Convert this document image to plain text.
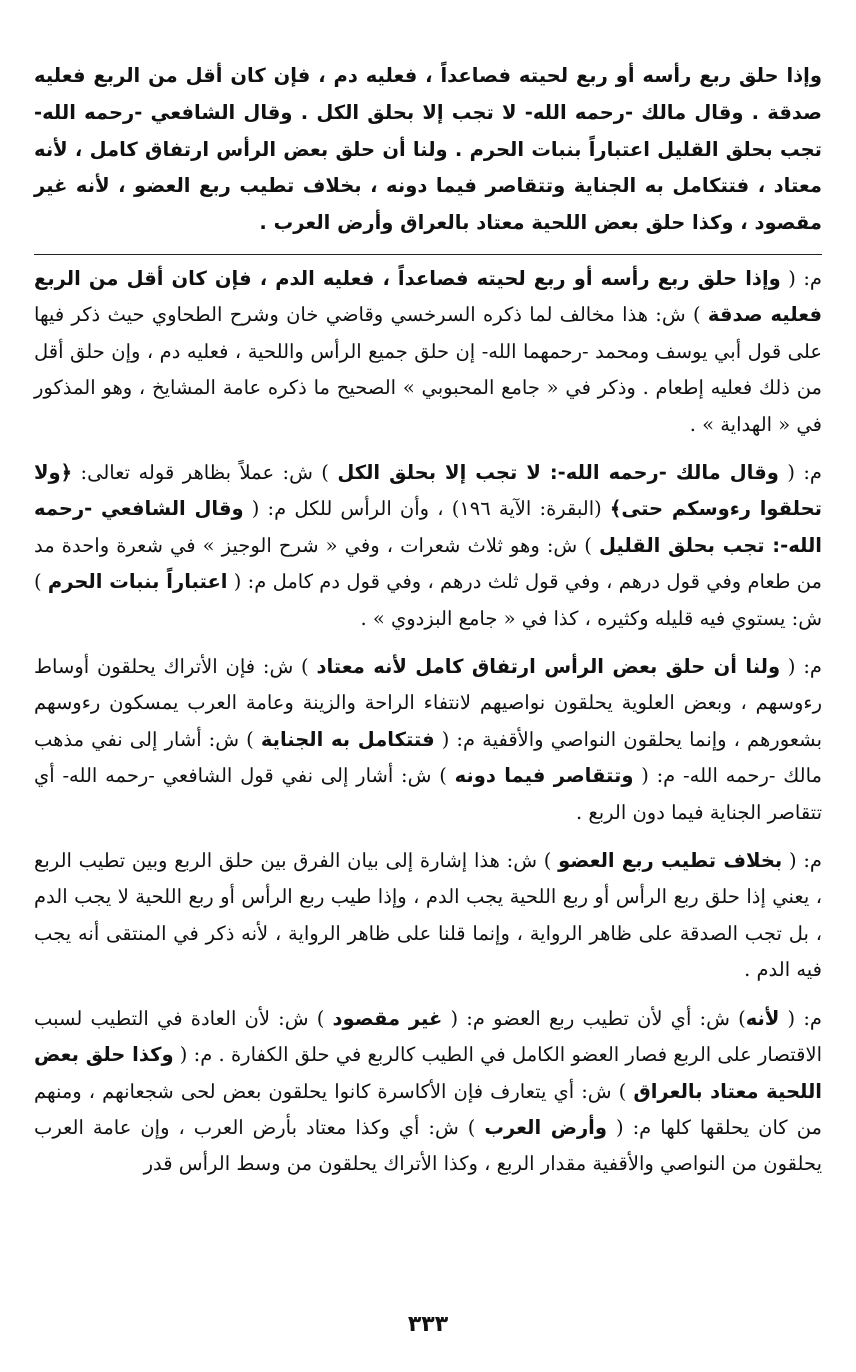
وإذا حلق ربع رأسه أو ربع لحيته فصاعداً ، فعليه دم ، فإن كان أقل من الربع فعليه صدقة . وقال مالك -رحمه الله- لا تجب إلا بحلق الكل . وقال الشافعي -رحمه الله- تجب بحلق القليل اعتباراً بنبات الحرم . ولنا أن حلق بعض الرأس ارتفاق كامل ، لأنه معتاد ، فتتكامل به الجناية وتتقاصر فيما دونه ، بخلاف تطيب ربع العضو ، لأنه غير مقصود ، وكذا حلق بعض اللحية معتاد بالعراق وأرض العرب .

م: ( وإذا حلق ربع رأسه أو ربع لحيته فصاعداً ، فعليه الدم ، فإن كان أقل من الربع فعليه صدقة ) ش: هذا مخالف لما ذكره السرخسي وقاضي خان وشرح الطحاوي حيث ذكر فيها على قول أبي يوسف ومحمد -رحمهما الله- إن حلق جميع الرأس واللحية ، فعليه دم ، وإن حلق أقل من ذلك فعليه إطعام . وذكر في « جامع المحبوبي » الصحيح ما ذكره عامة المشايخ ، وهو المذكور في « الهداية » .

م: ( وقال مالك -رحمه الله-: لا تجب إلا بحلق الكل ) ش: عملاً بظاهر قوله تعالى: ﴿ولا تحلقوا رءوسكم حتى﴾ (البقرة: الآية ١٩٦) ، وأن الرأس للكل م: ( وقال الشافعي -رحمه الله-: تجب بحلق القليل ) ش: وهو ثلاث شعرات ، وفي « شرح الوجيز » في شعرة واحدة مد من طعام وفي قول درهم ، وفي قول ثلث درهم ، وفي قول دم كامل م: ( اعتباراً بنبات الحرم ) ش: يستوي فيه قليله وكثيره ، كذا في « جامع البزدوي » .

م: ( ولنا أن حلق بعض الرأس ارتفاق كامل لأنه معتاد ) ش: فإن الأتراك يحلقون أوساط رءوسهم ، وبعض العلوية يحلقون نواصيهم لانتفاء الراحة والزينة وعامة العرب يمسكون رءوسهم بشعورهم ، وإنما يحلقون النواصي والأقفية م: ( فتتكامل به الجناية ) ش: أشار إلى نفي مذهب مالك -رحمه الله- م: ( وتتقاصر فيما دونه ) ش: أشار إلى نفي قول الشافعي -رحمه الله- أي تتقاصر الجناية فيما دون الربع .

م: ( بخلاف تطيب ربع العضو ) ش: هذا إشارة إلى بيان الفرق بين حلق الربع وبين تطيب الربع ، يعني إذا حلق ربع الرأس أو ربع اللحية يجب الدم ، وإذا طيب ربع الرأس أو ربع اللحية لا يجب الدم ، بل تجب الصدقة على ظاهر الرواية ، وإنما قلنا على ظاهر الرواية ، لأنه ذكر في المنتقى أنه يجب فيه الدم .

م: ( لأنه) ش: أي لأن تطيب ربع العضو م: ( غير مقصود ) ش: لأن العادة في التطيب لسبب الاقتصار على الربع فصار العضو الكامل في الطيب كالربع في حلق الكفارة . م: ( وكذا حلق بعض اللحية معتاد بالعراق ) ش: أي يتعارف فإن الأكاسرة كانوا يحلقون بعض لحى شجعانهم ، ومنهم من كان يحلقها كلها م: ( وأرض العرب ) ش: أي وكذا معتاد بأرض العرب ، وإن عامة العرب يحلقون من النواصي والأقفية مقدار الربع ، وكذا الأتراك يحلقون من وسط الرأس قدر

٣٣٣
